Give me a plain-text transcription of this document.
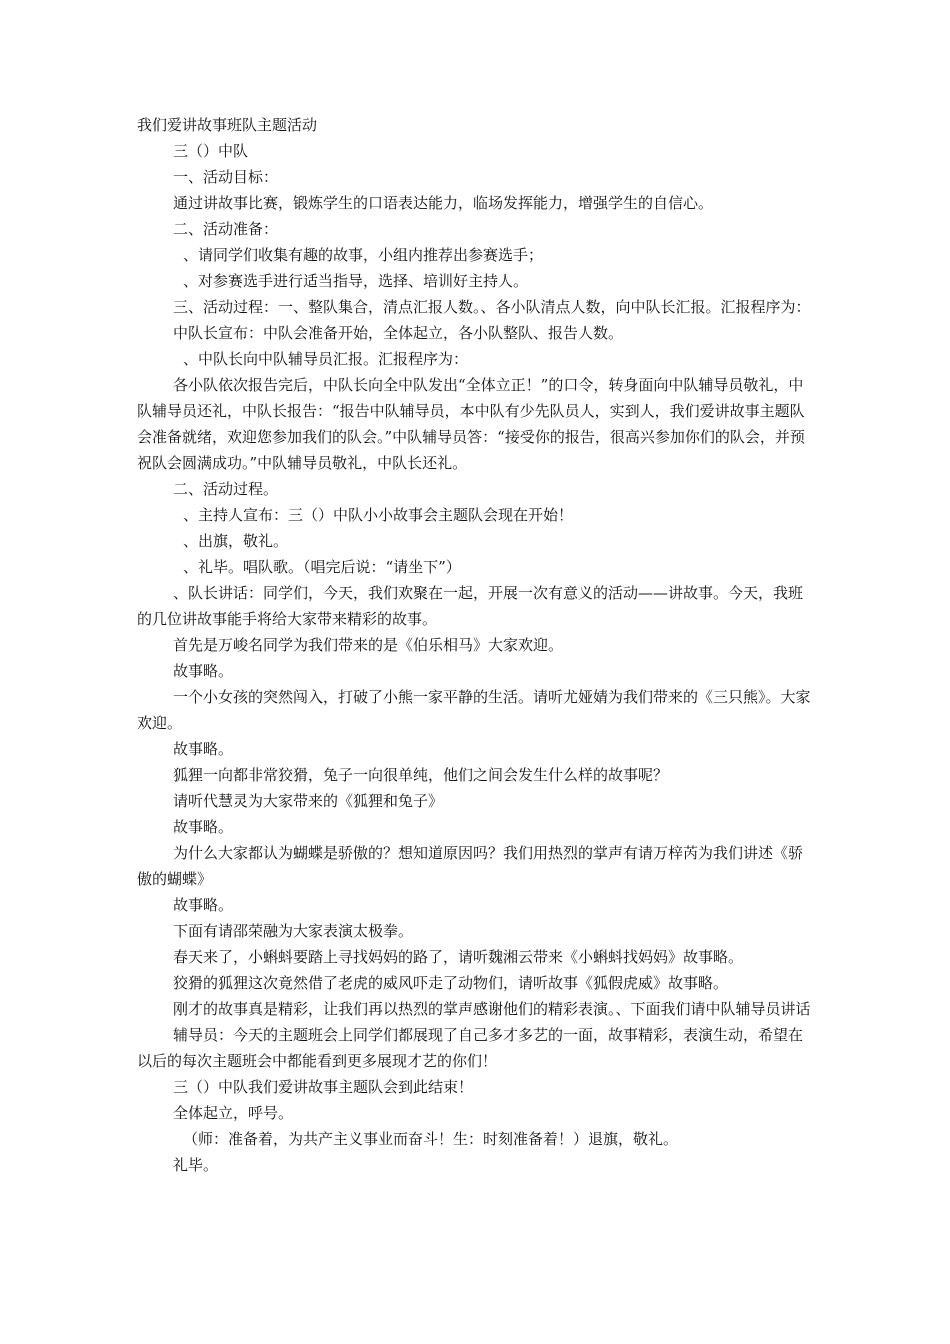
我们爱讲故事班队主题活动

三（）中队

一、活动目标：

通过讲故事比赛，锻炼学生的口语表达能力，临场发挥能力，增强学生的自信心。

二、活动准备：

、请同学们收集有趣的故事，小组内推荐出参赛选手；

、对参赛选手进行适当指导，选择、培训好主持人。

三、活动过程：一、整队集合，清点汇报人数。、各小队清点人数，向中队长汇报。汇报程序为：

中队长宣布：中队会准备开始，全体起立，各小队整队、报告人数。

、中队长向中队辅导员汇报。汇报程序为：

各小队依次报告完后，中队长向全中队发出“全体立正！”的口令，转身面向中队辅导员敬礼，中队辅导员还礼，中队长报告：“报告中队辅导员，本中队有少先队员人，实到人，我们爱讲故事主题队会准备就绪，欢迎您参加我们的队会。”中队辅导员答：“接受你的报告，很高兴参加你们的队会，并预祝队会圆满成功。”中队辅导员敬礼，中队长还礼。

二、活动过程。

、主持人宣布：三（）中队小小故事会主题队会现在开始！

、出旗，敬礼。

、礼毕。唱队歌。（唱完后说：“请坐下”）

、队长讲话：同学们，今天，我们欢聚在一起，开展一次有意义的活动——讲故事。今天，我班的几位讲故事能手将给大家带来精彩的故事。

首先是万峻名同学为我们带来的是《伯乐相马》大家欢迎。

故事略。

一个小女孩的突然闯入，打破了小熊一家平静的生活。请听尤娅婧为我们带来的《三只熊》。大家欢迎。

故事略。

狐狸一向都非常狡猾，兔子一向很单纯，他们之间会发生什么样的故事呢？

请听代慧灵为大家带来的《狐狸和兔子》

故事略。

为什么大家都认为蝴蝶是骄傲的？想知道原因吗？我们用热烈的掌声有请万梓芮为我们讲述《骄傲的蝴蝶》

故事略。

下面有请邵荣融为大家表演太极拳。

春天来了，小蝌蚪要踏上寻找妈妈的路了，请听魏湘云带来《小蝌蚪找妈妈》故事略。

狡猾的狐狸这次竟然借了老虎的威风吓走了动物们，请听故事《狐假虎威》故事略。

刚才的故事真是精彩，让我们再以热烈的掌声感谢他们的精彩表演。、下面我们请中队辅导员讲话

辅导员：今天的主题班会上同学们都展现了自己多才多艺的一面，故事精彩，表演生动，希望在以后的每次主题班会中都能看到更多展现才艺的你们！

三（）中队我们爱讲故事主题队会到此结束！

全体起立，呼号。

（师：准备着，为共产主义事业而奋斗！生：时刻准备着！）退旗，敬礼。

礼毕。
